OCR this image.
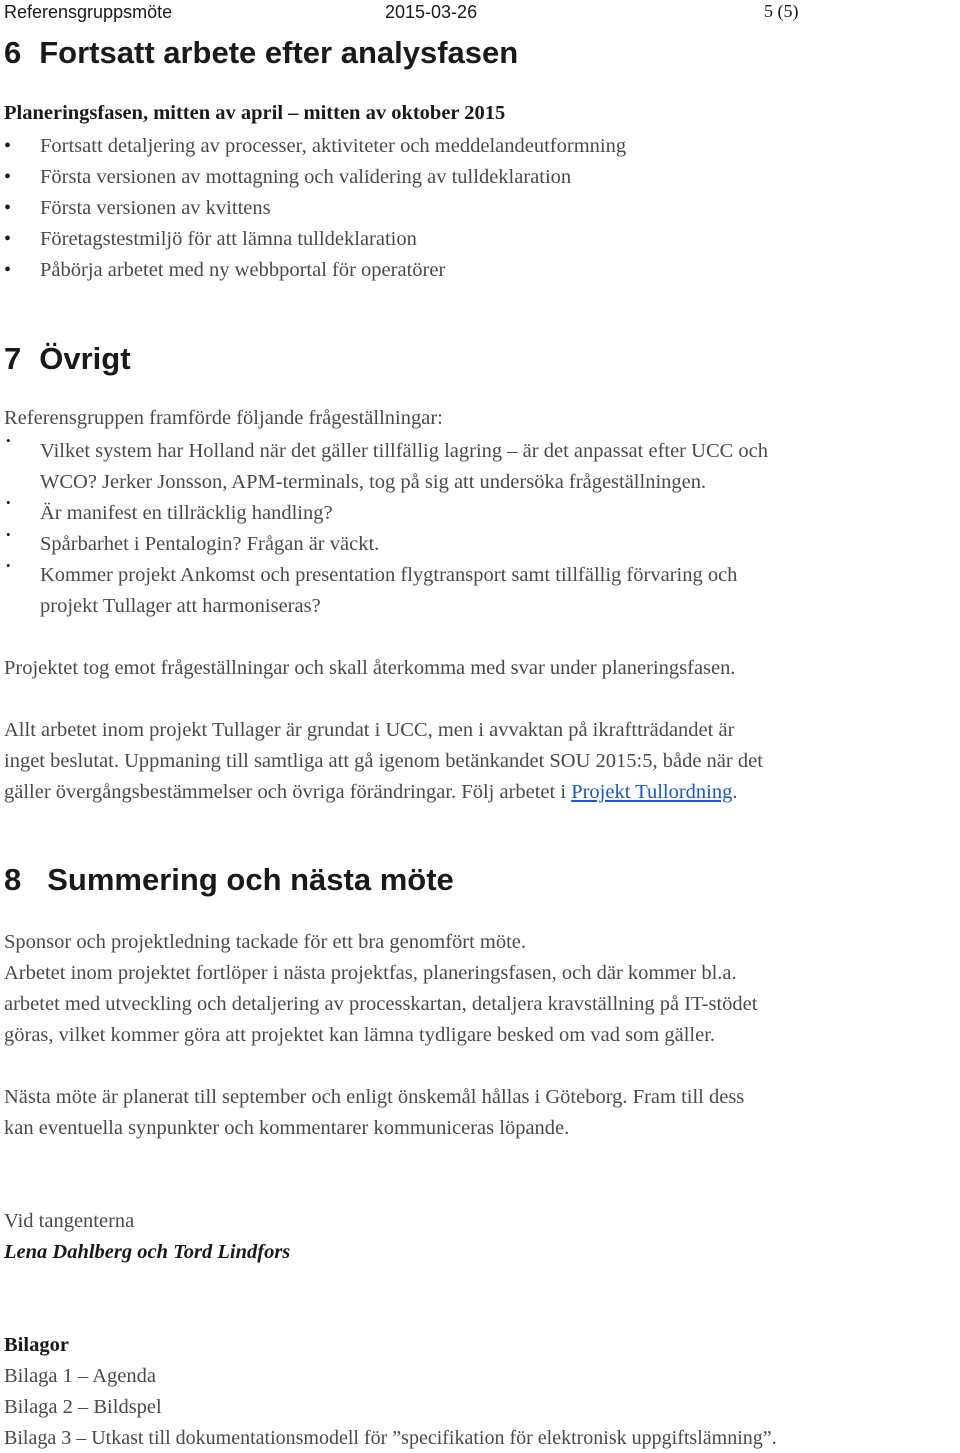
Referensgruppsmöte	2015-03-26	5 (5)
6 Fortsatt arbete efter analysfasen
Planeringsfasen, mitten av april – mitten av oktober 2015
• Fortsatt detaljering av processer, aktiviteter och meddelandeutformning
• Första versionen av mottagning och validering av tulldeklaration
• Första versionen av kvittens
• Företagstestmiljö för att lämna tulldeklaration
• Påbörja arbetet med ny webbportal för operatörer
7 Övrigt
Referensgruppen framförde följande frågeställningar:
• Vilket system har Holland när det gäller tillfällig lagring – är det anpassat efter UCC och
WCO? Jerker Jonsson, APM-terminals, tog på sig att undersöka frågeställningen.
• Är manifest en tillräcklig handling?
• Spårbarhet i Pentalogin? Frågan är väckt.
• Kommer projekt Ankomst och presentation flygtransport samt tillfällig förvaring och
projekt Tullager att harmoniseras?
Projektet tog emot frågeställningar och skall återkomma med svar under planeringsfasen.
Allt arbetet inom projekt Tullager är grundat i UCC, men i avvaktan på ikraftträdandet är
inget beslutat. Uppmaning till samtliga att gå igenom betänkandet SOU 2015:5, både när det
gäller övergångsbestämmelser och övriga förändringar. Följ arbetet i Projekt Tullordning.
8 Summering och nästa möte
Sponsor och projektledning tackade för ett bra genomfört möte.
Arbetet inom projektet fortlöper i nästa projektfas, planeringsfasen, och där kommer bl.a.
arbetet med utveckling och detaljering av processkartan, detaljera kravställning på IT-stödet
göras, vilket kommer göra att projektet kan lämna tydligare besked om vad som gäller.
Nästa möte är planerat till september och enligt önskemål hållas i Göteborg. Fram till dess
kan eventuella synpunkter och kommentarer kommuniceras löpande.
Vid tangenterna
Lena Dahlberg och Tord Lindfors
Bilagor
Bilaga 1 – Agenda
Bilaga 2 – Bildspel
Bilaga 3 – Utkast till dokumentationsmodell för ”specifikation för elektronisk uppgiftslämning”.
